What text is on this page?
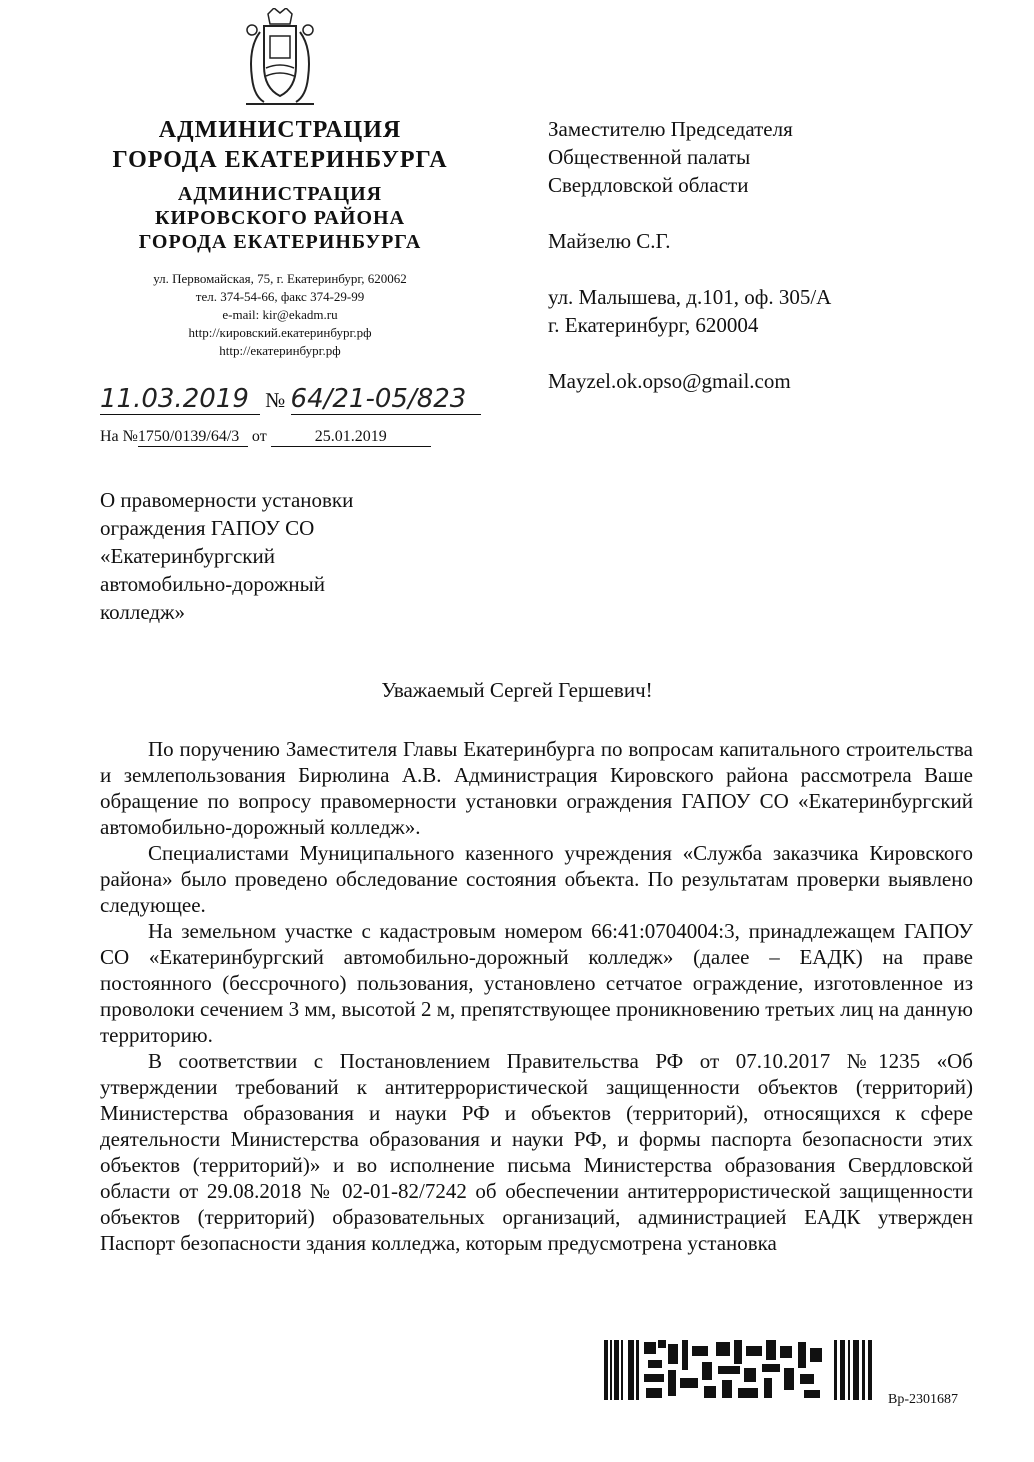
АДМИНИСТРАЦИЯ
ГОРОДА ЕКАТЕРИНБУРГА
АДМИНИСТРАЦИЯ
КИРОВСКОГО РАЙОНА
ГОРОДА ЕКАТЕРИНБУРГА
ул. Первомайская, 75, г. Екатеринбург, 620062
тел. 374-54-66, факс 374-29-99
e-mail: kir@ekadm.ru
http://кировский.екатеринбург.рф
http://екатеринбург.рф

Заместителю Председателя

Общественной палаты

Свердловской области

Майзелю С.Г.

ул. Малышева, д.101, оф. 305/А

г. Екатеринбург, 620004

Mayzel.ok.opso@gmail.com

11.03.2019 № 64/21-05/823
На №1750/0139/64/3 от	25.01.2019

О правомерности установки

ограждения ГАПОУ СО

«Екатеринбургский

автомобильно-дорожный

колледж»

Уважаемый Сергей Гершевич!

По поручению Заместителя Главы Екатеринбурга по вопросам капитального строительства и землепользования Бирюлина А.В. Администрация Кировского района рассмотрела Ваше обращение по вопросу правомерности установки ограждения ГАПОУ СО «Екатеринбургский автомобильно-дорожный колледж».

Специалистами Муниципального казенного учреждения «Служба заказчика Кировского района» было проведено обследование состояния объекта. По результатам проверки выявлено следующее.

На земельном участке с кадастровым номером 66:41:0704004:3, принадлежащем ГАПОУ СО «Екатеринбургский автомобильно-дорожный колледж» (далее – ЕАДК) на праве постоянного (бессрочного) пользования, установлено сетчатое ограждение, изготовленное из проволоки сечением 3 мм, высотой 2 м, препятствующее проникновению третьих лиц на данную территорию.

В соответствии с Постановлением Правительства РФ от 07.10.2017 №1235 «Об утверждении требований к антитеррористической защищенности объектов (территорий) Министерства образования и науки РФ и объектов (территорий), относящихся к сфере деятельности Министерства образования и науки РФ, и формы паспорта безопасности этих объектов (территорий)» и во исполнение письма Министерства образования Свердловской области от 29.08.2018 № 02-01-82/7242 об обеспечении антитеррористической защищенности объектов (территорий) образовательных организаций, администрацией ЕАДК утвержден Паспорт безопасности здания колледжа, которым предусмотрена установка

Вр-2301687
